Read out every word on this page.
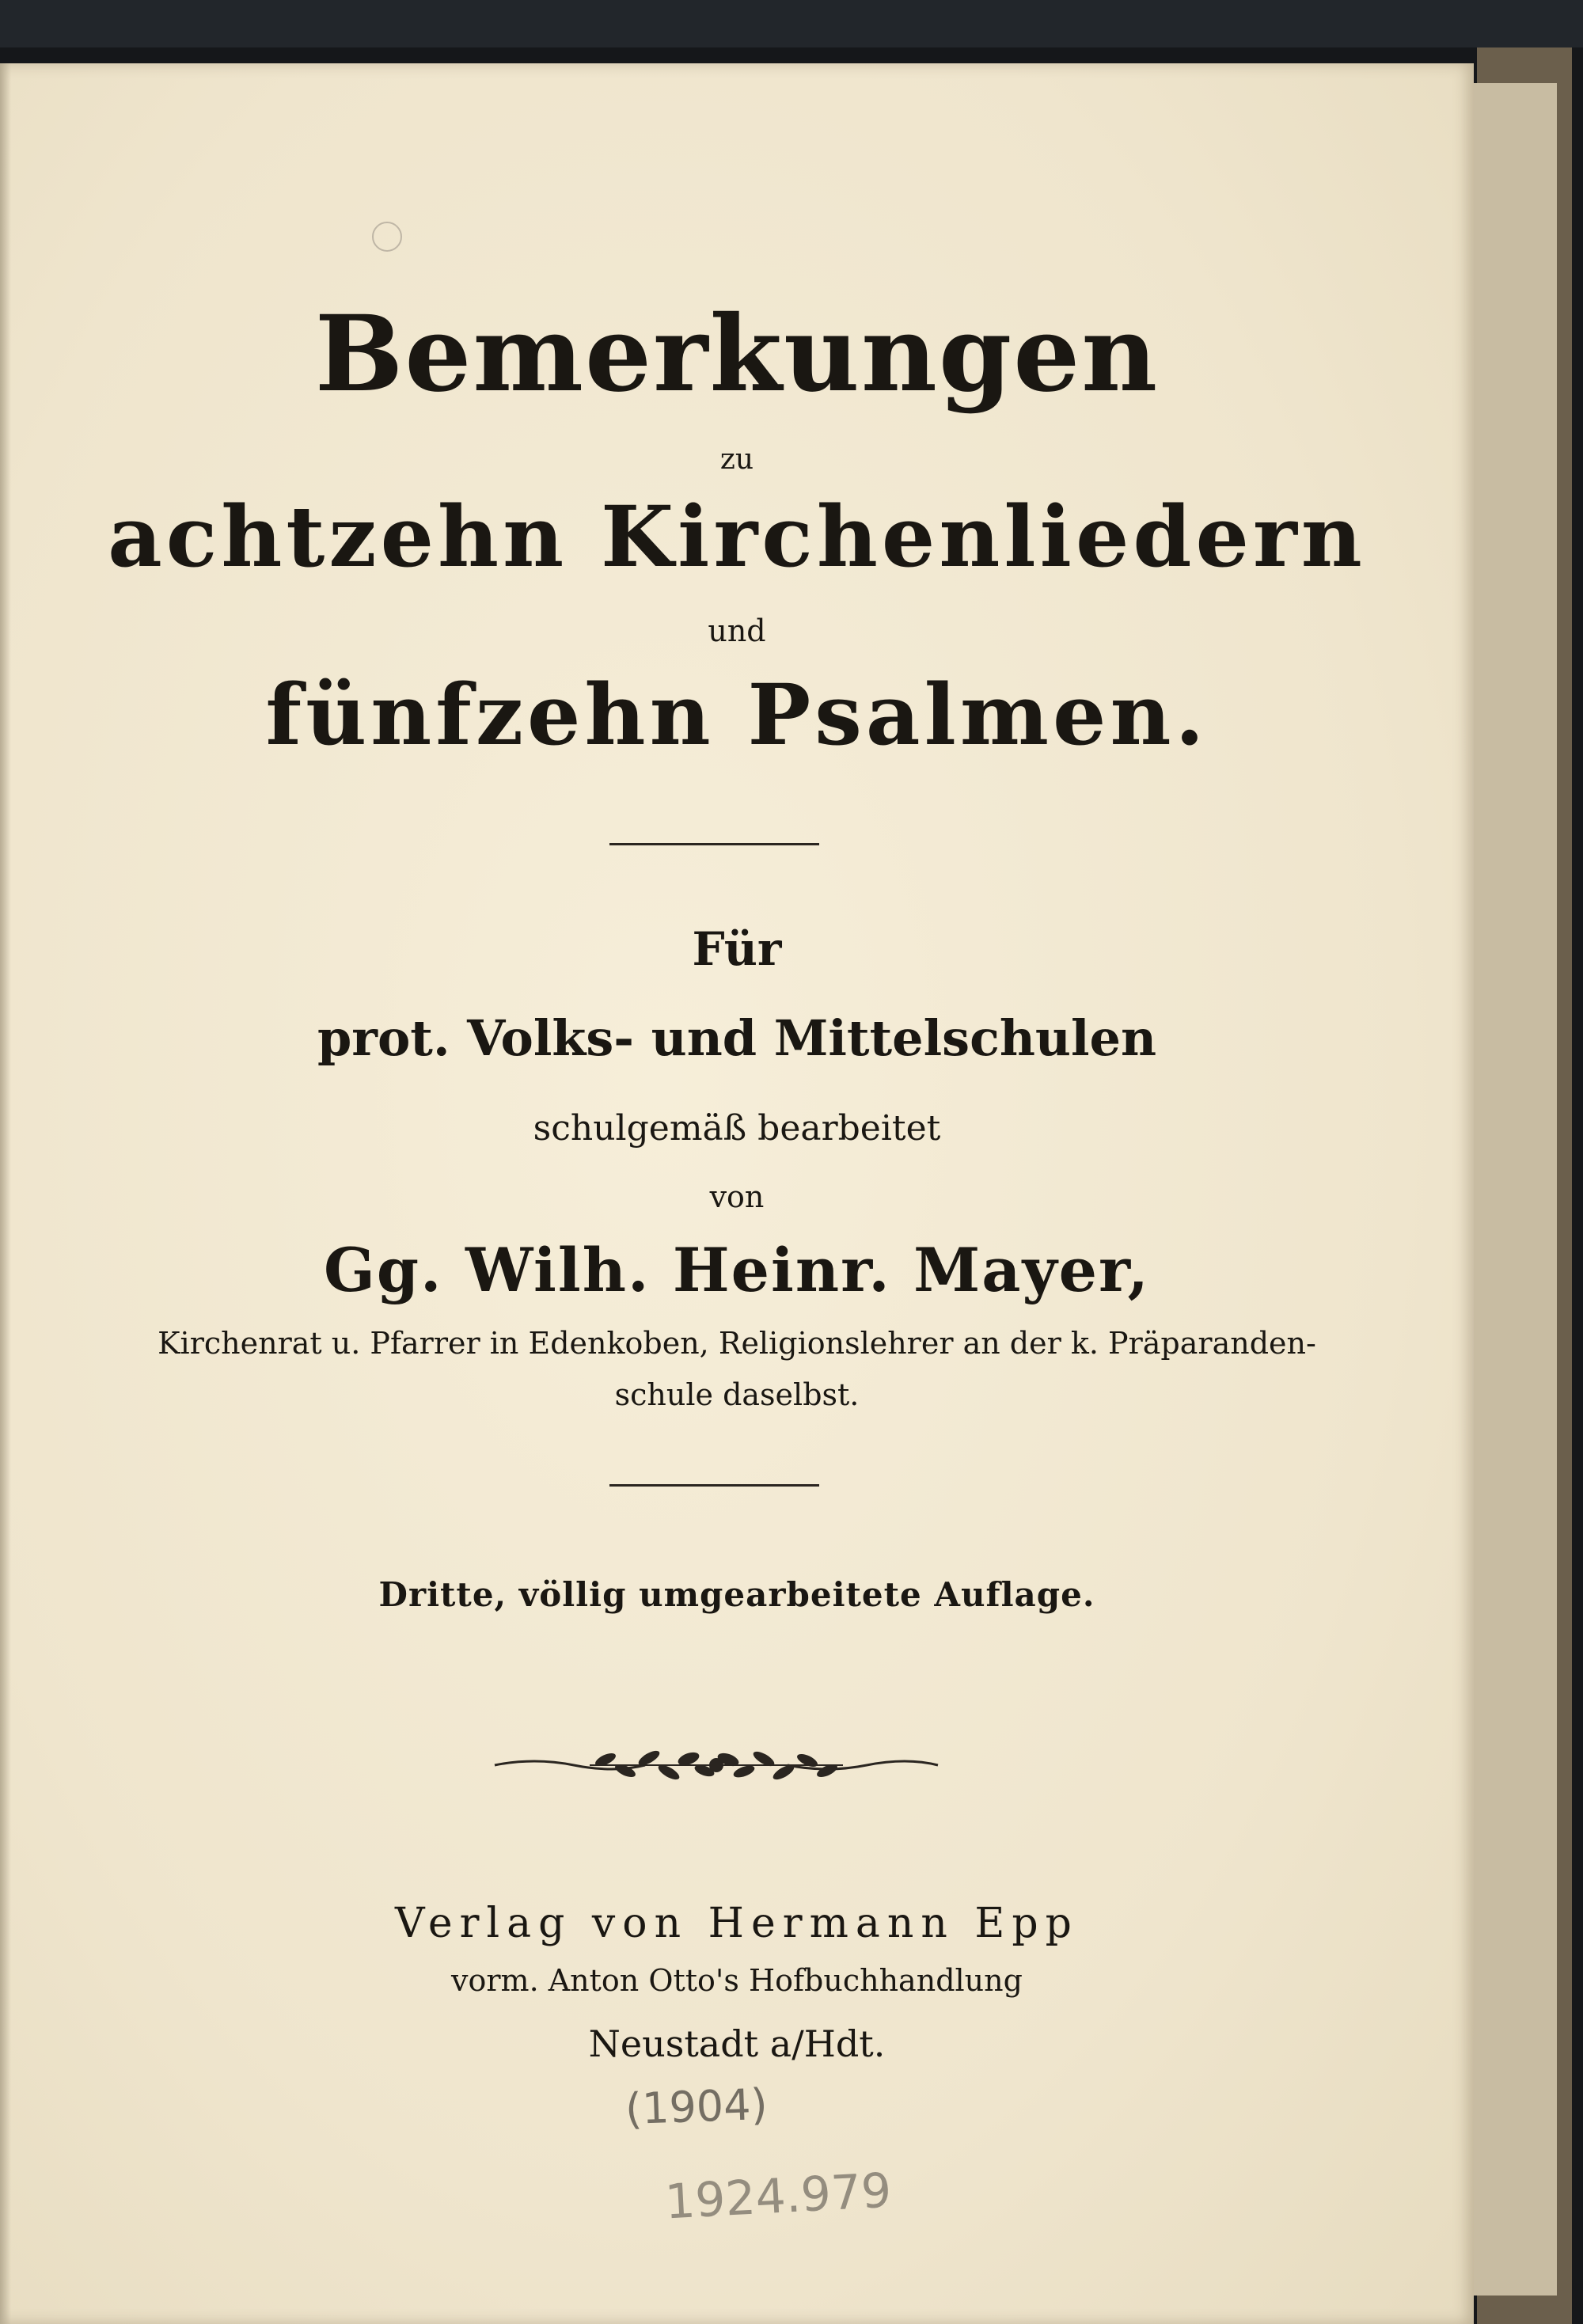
Bemerkungen
zu
achtzehn Kirchenliedern
und
fünfzehn Psalmen.
Für
prot. Volks- und Mittelschulen
schulgemäß bearbeitet
von
Gg. Wilh. Heinr. Mayer,
Kirchenrat u. Pfarrer in Edenkoben, Religionslehrer an der k. Präparanden-
schule daselbst.
Dritte, völlig umgearbeitete Auflage.
Verlag von Hermann Epp
vorm. Anton Otto's Hofbuchhandlung
Neustadt a/Hdt.
(1904)
1924.979
